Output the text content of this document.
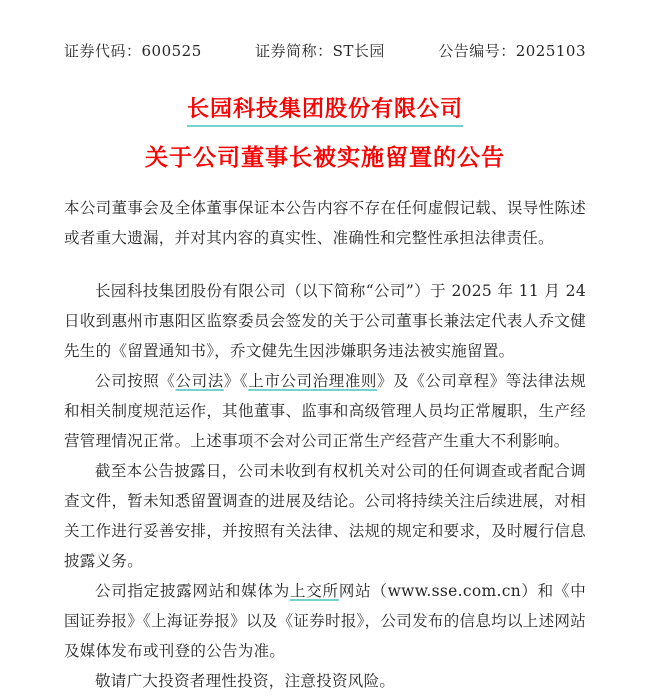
证券代码：600525	证券简称：ST长园	公告编号：2025103
长园科技集团股份有限公司
关于公司董事长被实施留置的公告

本公司董事会及全体董事保证本公告内容不存在任何虚假记载、误导性陈述或者重大遗漏，并对其内容的真实性、准确性和完整性承担法律责任。

长园科技集团股份有限公司（以下简称“公司”）于 2025 年 11 月 24 日收到惠州市惠阳区监察委员会签发的关于公司董事长兼法定代表人乔文健先生的《留置通知书》，乔文健先生因涉嫌职务违法被实施留置。

公司按照《公司法》《上市公司治理准则》及《公司章程》等法律法规和相关制度规范运作，其他董事、监事和高级管理人员均正常履职，生产经营管理情况正常。上述事项不会对公司正常生产经营产生重大不利影响。

截至本公告披露日，公司未收到有权机关对公司的任何调查或者配合调查文件，暂未知悉留置调查的进展及结论。公司将持续关注后续进展，对相关工作进行妥善安排，并按照有关法律、法规的规定和要求，及时履行信息披露义务。

公司指定披露网站和媒体为上交所网站（www.sse.com.cn）和《中国证券报》《上海证券报》以及《证券时报》，公司发布的信息均以上述网站及媒体发布或刊登的公告为准。

敬请广大投资者理性投资，注意投资风险。
